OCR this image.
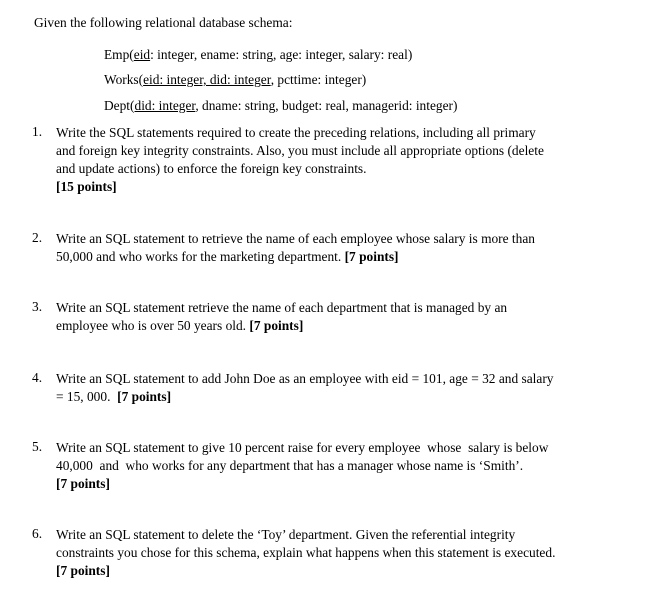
Given the following relational database schema:
Emp(eid: integer, ename: string, age: integer, salary: real)
Works(eid: integer, did: integer, pcttime: integer)
Dept(did: integer, dname: string, budget: real, managerid: integer)
1.	Write the SQL statements required to create the preceding relations, including all primary
and foreign key integrity constraints. Also, you must include all appropriate options (delete
and update actions) to enforce the foreign key constraints.
[15 points]
2.	Write an SQL statement to retrieve the name of each employee whose salary is more than
50,000 and who works for the marketing department. [7 points]
3.	Write an SQL statement retrieve the name of each department that is managed by an
employee who is over 50 years old. [7 points]
4.	Write an SQL statement to add John Doe as an employee with eid = 101, age = 32 and salary
= 15, 000.  [7 points]
5.	Write an SQL statement to give 10 percent raise for every employee  whose  salary is below
40,000  and  who works for any department that has a manager whose name is ‘Smith’.
[7 points]
6.	Write an SQL statement to delete the ‘Toy’ department. Given the referential integrity
constraints you chose for this schema, explain what happens when this statement is executed.
[7 points]
